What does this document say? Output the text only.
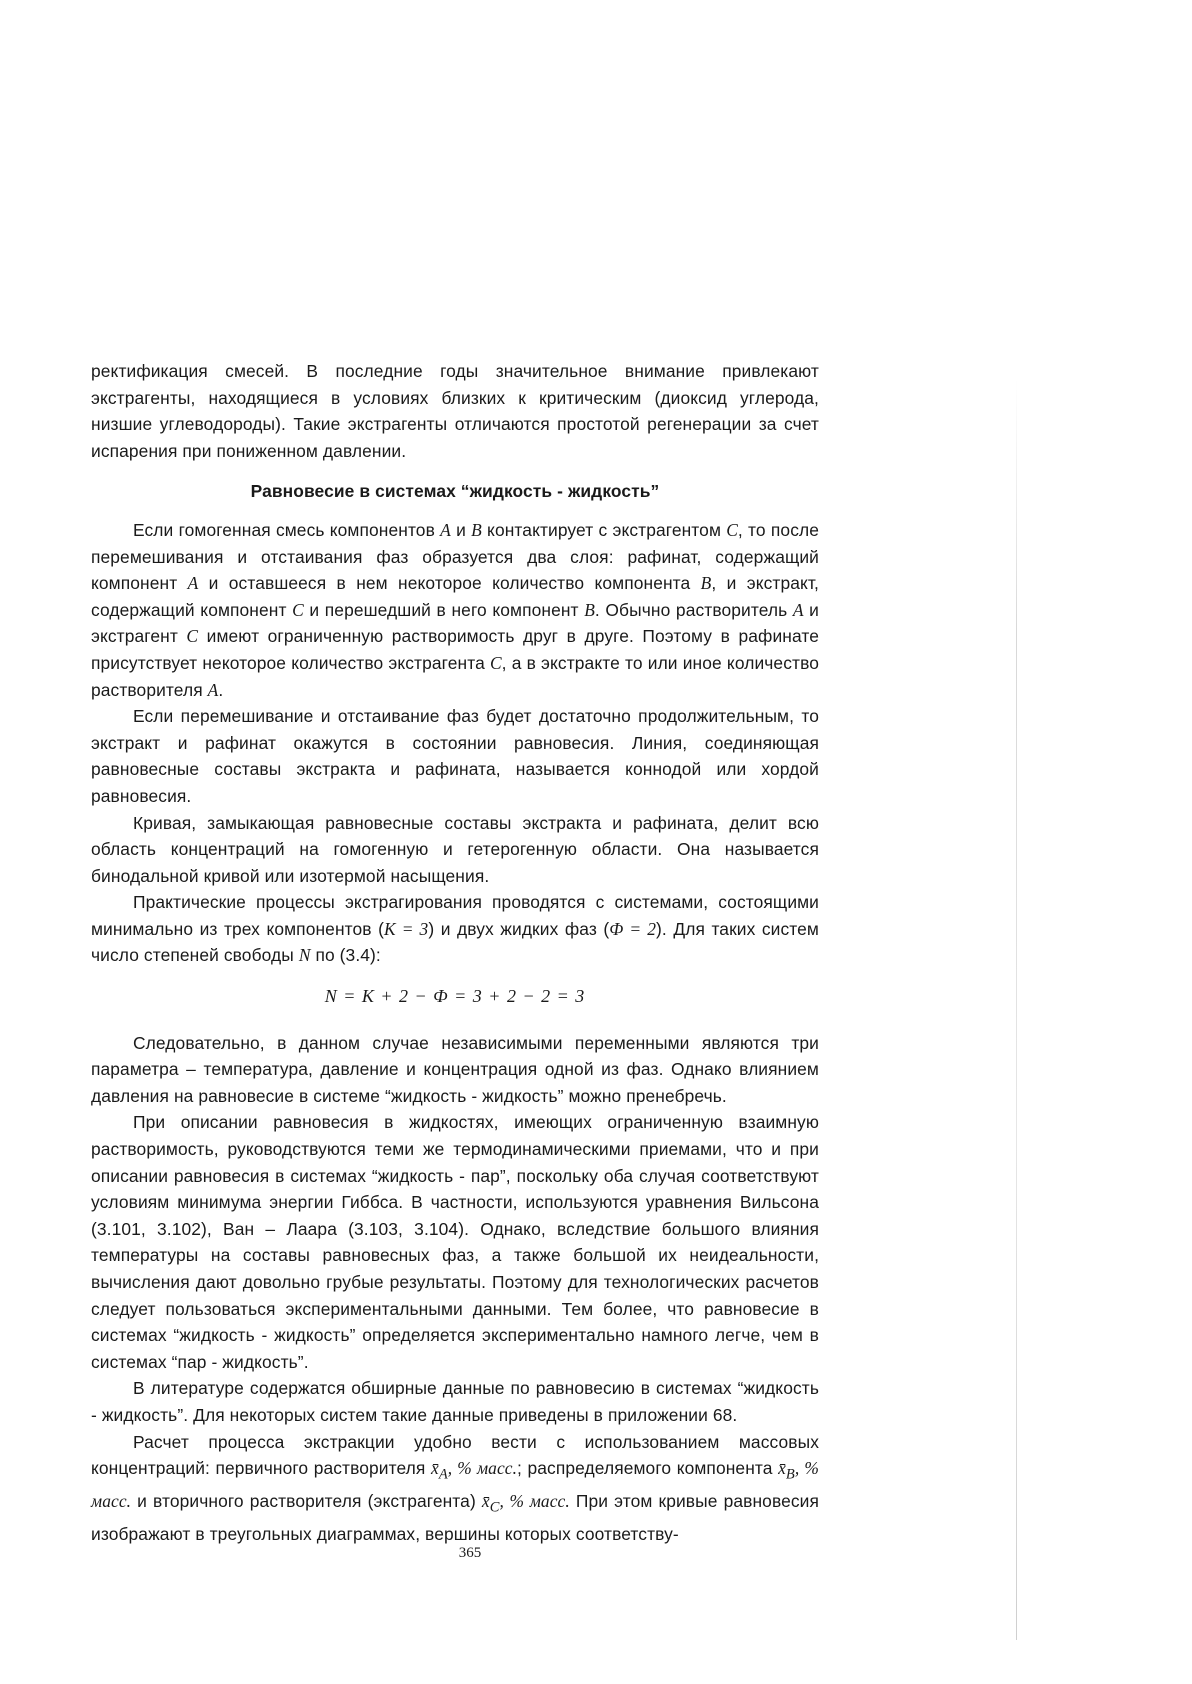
ректификация смесей. В последние годы значительное внимание привлекают экстрагенты, находящиеся в условиях близких к критическим (диоксид углерода, низшие углеводороды). Такие экстрагенты отличаются простотой регенерации за счет испарения при пониженном давлении.

Равновесие в системах “жидкость - жидкость”

Если гомогенная смесь компонентов A и B контактирует с экстрагентом C, то после перемешивания и отстаивания фаз образуется два слоя: рафинат, содержащий компонент A и оставшееся в нем некоторое количество компонента B, и экстракт, содержащий компонент C и перешедший в него компонент B. Обычно растворитель A и экстрагент C имеют ограниченную растворимость друг в друге. Поэтому в рафинате присутствует некоторое количество экстрагента C, а в экстракте то или иное количество растворителя A.

Если перемешивание и отстаивание фаз будет достаточно продолжительным, то экстракт и рафинат окажутся в состоянии равновесия. Линия, соединяющая равновесные составы экстракта и рафината, называется коннодой или хордой равновесия.

Кривая, замыкающая равновесные составы экстракта и рафината, делит всю область концентраций на гомогенную и гетерогенную области. Она называется бинодальной кривой или изотермой насыщения.

Практические процессы экстрагирования проводятся с системами, состоящими минимально из трех компонентов (K = 3) и двух жидких фаз (Ф = 2). Для таких систем число степеней свободы N по (3.4):

N = K + 2 − Ф = 3 + 2 − 2 = 3

Следовательно, в данном случае независимыми переменными являются три параметра – температура, давление и концентрация одной из фаз. Однако влиянием давления на равновесие в системе “жидкость - жидкость” можно пренебречь.

При описании равновесия в жидкостях, имеющих ограниченную взаимную растворимость, руководствуются теми же термодинамическими приемами, что и при описании равновесия в системах “жидкость - пар”, поскольку оба случая соответствуют условиям минимума энергии Гиббса. В частности, используются уравнения Вильсона (3.101, 3.102), Ван – Лаара (3.103, 3.104). Однако, вследствие большого влияния температуры на составы равновесных фаз, а также большой их неидеальности, вычисления дают довольно грубые результаты. Поэтому для технологических расчетов следует пользоваться экспериментальными данными. Тем более, что равновесие в системах “жидкость - жидкость” определяется экспериментально намного легче, чем в системах “пар - жидкость”.

В литературе содержатся обширные данные по равновесию в системах “жидкость - жидкость”. Для некоторых систем такие данные приведены в приложении 68.

Расчет процесса экстракции удобно вести с использованием массовых концентраций: первичного растворителя $x̄_A$, % масс.; распределяемого компонента $x̄_B$, % масс. и вторичного растворителя (экстрагента) $x̄_C$, % масс. При этом кривые равновесия изображают в треугольных диаграммах, вершины которых соответству-

365
